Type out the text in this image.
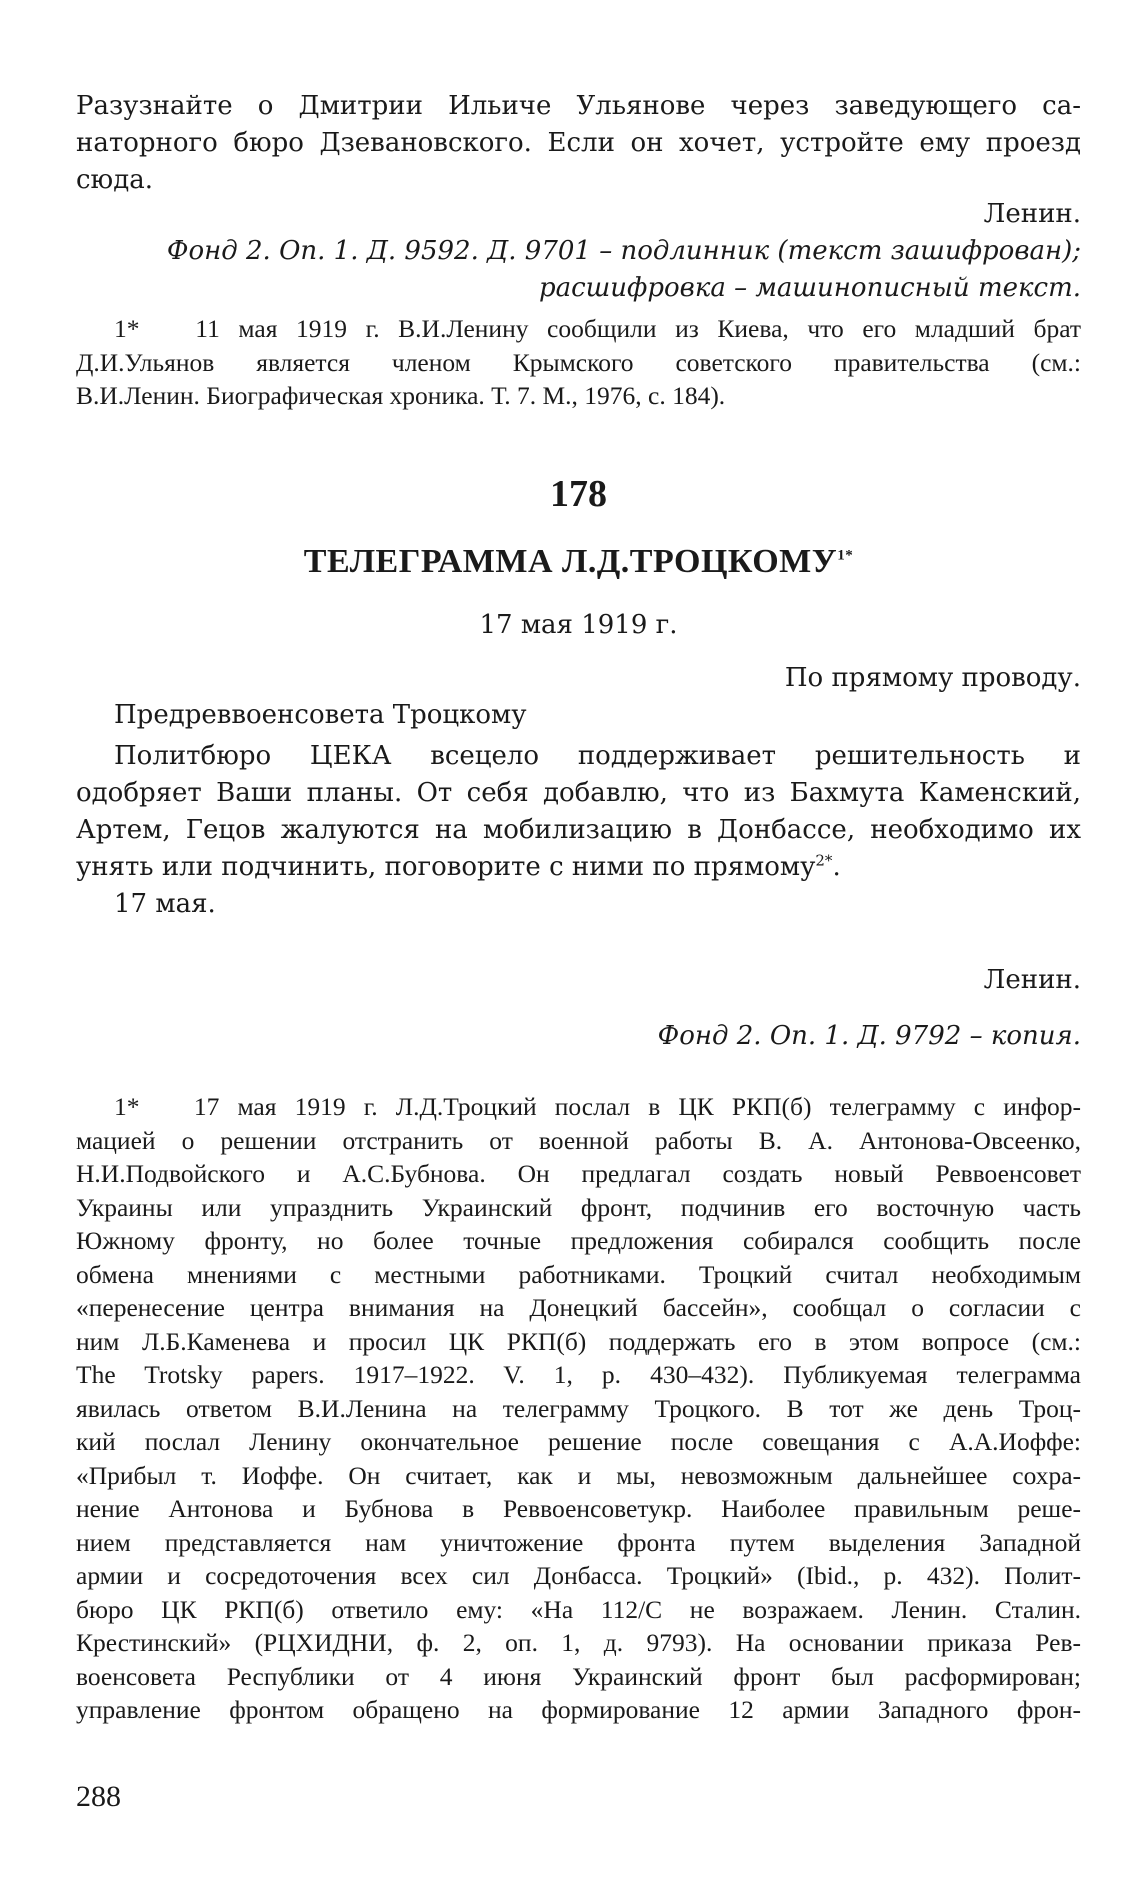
Разузнайте о Дмитрии Ильиче Ульянове через заведующего са-
наторного бюро Дзевановского. Если он хочет, устройте ему проезд
сюда.
Ленин.
Фонд 2. Оп. 1. Д. 9592. Д. 9701 – подлинник (текст зашифрован);
расшифровка – машинописный текст.
1* 11 мая 1919 г. В.И.Ленину сообщили из Киева, что его младший брат
Д.И.Ульянов является членом Крымского советского правительства (см.:
В.И.Ленин. Биографическая хроника. Т. 7. М., 1976, с. 184).
178
ТЕЛЕГРАММА $Л.Д.ТРОЦКОМУ^{1*}$
17 мая 1919 г.
По прямому проводу.
Предреввоенсовета Троцкому
Политбюро ЦЕКА всецело поддерживает решительность и
одобряет Ваши планы. От себя добавлю, что из Бахмута Каменский,
Артем, Гецов жалуются на мобилизацию в Донбассе, необходимо их
унять или подчинить, поговорите с ними по прямому$^{2*}$.
17 мая.
Ленин.
Фонд 2. Оп. 1. Д. 9792 – копия.
1* 17 мая 1919 г. Л.Д.Троцкий послал в ЦК РКП(б) телеграмму с инфор-
мацией о решении отстранить от военной работы В. А. Антонова-Овсеенко,
Н.И.Подвойского и А.С.Бубнова. Он предлагал создать новый Реввоенсовет
Украины или упразднить Украинский фронт, подчинив его восточную часть
Южному фронту, но более точные предложения собирался сообщить после
обмена мнениями с местными работниками. Троцкий считал необходимым
«перенесение центра внимания на Донецкий бассейн», сообщал о согласии с
ним Л.Б.Каменева и просил ЦК РКП(б) поддержать его в этом вопросе (см.:
The Trotsky papers. 1917–1922. V. 1, p. 430–432). Публикуемая телеграмма
явилась ответом В.И.Ленина на телеграмму Троцкого. В тот же день Троц-
кий послал Ленину окончательное решение после совещания с А.А.Иоффе:
«Прибыл т. Иоффе. Он считает, как и мы, невозможным дальнейшее сохра-
нение Антонова и Бубнова в Реввоенсоветукр. Наиболее правильным реше-
нием представляется нам уничтожение фронта путем выделения Западной
армии и сосредоточения всех сил Донбасса. Троцкий» (Ibid., p. 432). Полит-
бюро ЦК РКП(б) ответило ему: «На 112/С не возражаем. Ленин. Сталин.
Крестинский» (РЦХИДНИ, ф. 2, оп. 1, д. 9793). На основании приказа Рев-
военсовета Республики от 4 июня Украинский фронт был расформирован;
управление фронтом обращено на формирование 12 армии Западного фрон-
288
